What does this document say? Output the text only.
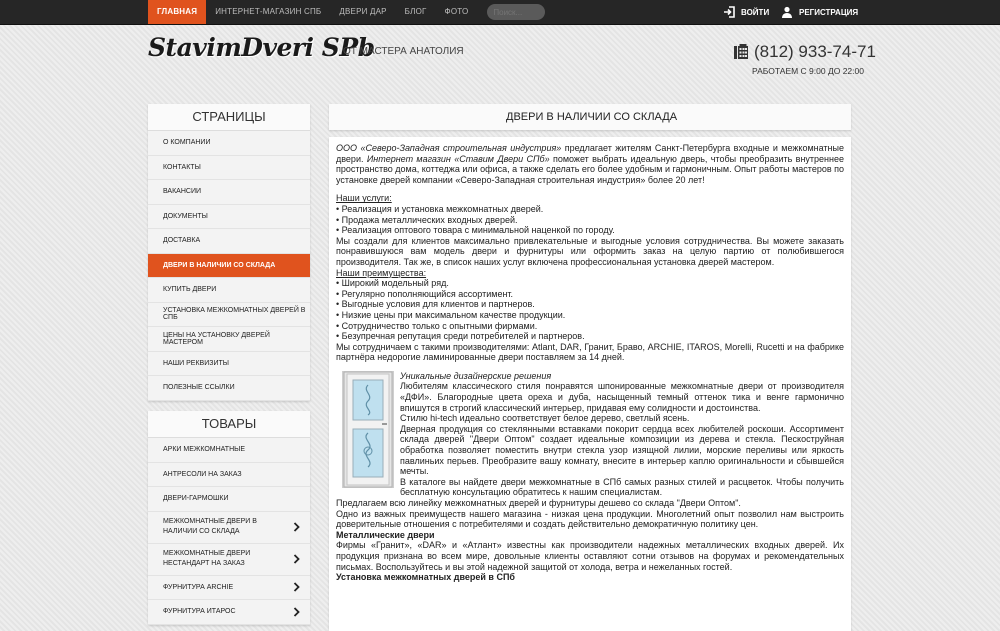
ГЛАВНАЯ	ИНТЕРНЕТ-МАГАЗИН СПБ	ДВЕРИ ДАР	БЛОГ	ФОТО
Поиск...	ВОЙТИ	РЕГИСТРАЦИЯ
StavimDveri SPb
ОТ МАСТЕРА АНАТОЛИЯ	(812) 933-74-71
РАБОТАЕМ С 9:00 ДО 22:00
СТРАНИЦЫ
О КОМПАНИИ
КОНТАКТЫ
ВАКАНСИИ
ДОКУМЕНТЫ
ДОСТАВКА
ДВЕРИ В НАЛИЧИИ СО СКЛАДА
КУПИТЬ ДВЕРИ
УСТАНОВКА МЕЖКОМНАТНЫХ ДВЕРЕЙ В СПБ
ЦЕНЫ НА УСТАНОВКУ ДВЕРЕЙ МАСТЕРОМ
НАШИ РЕКВИЗИТЫ
ПОЛЕЗНЫЕ ССЫЛКИ
ТОВАРЫ
АРКИ МЕЖКОМНАТНЫЕ
АНТРЕСОЛИ НА ЗАКАЗ
ДВЕРИ-ГАРМОШКИ
МЕЖКОМНАТНЫЕ ДВЕРИ В НАЛИЧИИ СО СКЛАДА
МЕЖКОМНАТНЫЕ ДВЕРИ НЕСТАНДАРТ НА ЗАКАЗ
ФУРНИТУРА ARCHIE
ФУРНИТУРА ИТАРОС
ДВЕРИ В НАЛИЧИИ СО СКЛАДА

ООО «Северо-Западная строительная индустрия» предлагает жителям Санкт-Петербурга входные и межкомнатные двери. Интернет магазин «Ставим Двери СПб» поможет выбрать идеальную дверь, чтобы преобразить внутреннее пространство дома, коттеджа или офиса, а также сделать его более удобным и гармоничным. Опыт работы мастеров по установке дверей компании «Северо-Западная строительная индустрия» более 20 лет!

Наши услуги:

• Реализация и установка межкомнатных дверей.

• Продажа металлических входных дверей.

• Реализация оптового товара с минимальной наценкой по городу.

Мы создали для клиентов максимально привлекательные и выгодные условия сотрудничества. Вы можете заказать понравившуюся вам модель двери и фурнитуры или оформить заказ на целую партию от полюбившегося производителя. Так же, в список наших услуг включена профессиональная установка дверей мастером.

Наши преимущества:

• Широкий модельный ряд.

• Регулярно пополняющийся ассортимент.

• Выгодные условия для клиентов и партнеров.

• Низкие цены при максимальном качестве продукции.

• Сотрудничество только с опытными фирмами.

• Безупречная репутация среди потребителей и партнеров.

Мы сотрудничаем с такими производителями: Atlant, DAR, Гранит, Браво, ARCHIE, ITAROS, Morelli, Rucetti и на фабрике партнёра недорогие ламинированные двери поставляем за 14 дней.

Уникальные дизайнерские решения

Любителям классического стиля понравятся шпонированные межкомнатные двери от производителя «ДФИ». Благородные цвета ореха и дуба, насыщенный темный оттенок тика и венге гармонично впишутся в строгий классический интерьер, придавая ему солидности и достоинства.

Стилю hi-tech идеально соответствует белое дерево, светлый ясень.

Дверная продукция со стеклянными вставками покорит сердца всех любителей роскоши. Ассортимент склада дверей "Двери Оптом" создает идеальные композиции из дерева и стекла. Пескоструйная обработка позволяет поместить внутри стекла узор изящной лилии, морские переливы или яркость павлиньих перьев. Преобразите вашу комнату, внесите в интерьер каплю оригинальности и сбывшейся мечты.

В каталоге вы найдете двери межкомнатные в СПб самых разных стилей и расцветок. Чтобы получить бесплатную консультацию обратитесь к нашим специалистам.

Предлагаем всю линейку межкомнатных дверей и фурнитуры дешево со склада "Двери Оптом".

Одно из важных преимуществ нашего магазина - низкая цена продукции. Многолетний опыт позволил нам выстроить доверительные отношения с потребителями и создать действительно демократичную политику цен.

Металлические двери

Фирмы «Гранит», «DAR» и «Атлант» известны как производители надежных металлических входных дверей. Их продукция признана во всем мире, довольные клиенты оставляют сотни отзывов на форумах и рекомендательных письмах. Воспользуйтесь и вы этой надежной защитой от холода, ветра и нежеланных гостей.

Установка межкомнатных дверей в СПб
